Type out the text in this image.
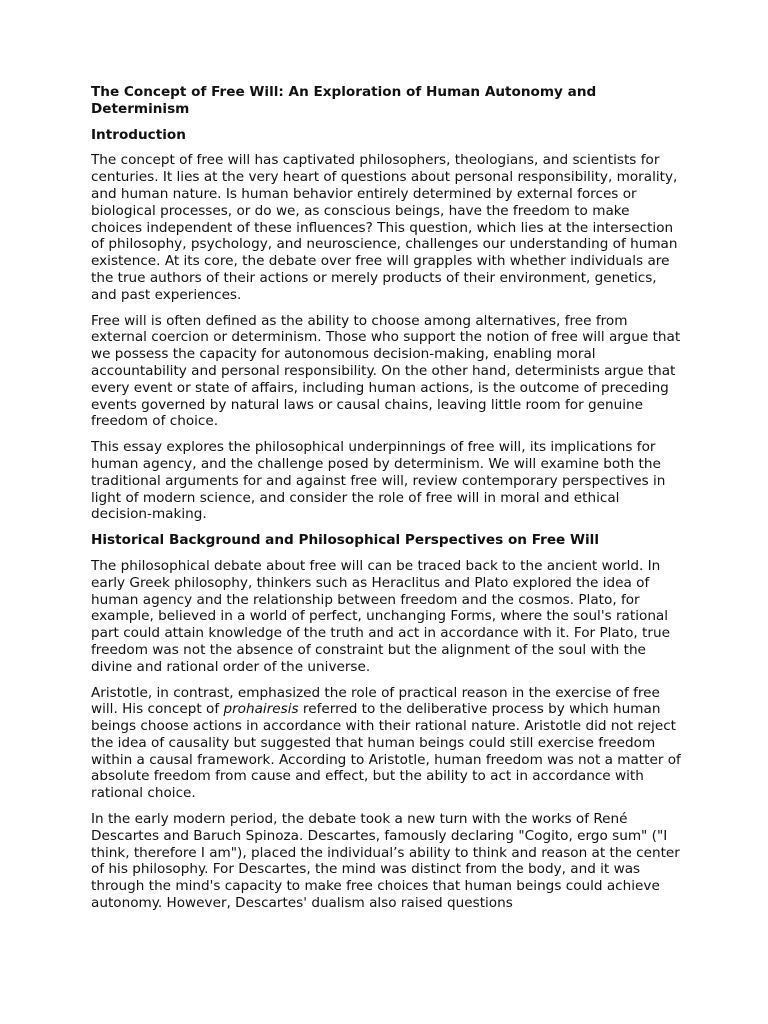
The Concept of Free Will: An Exploration of Human Autonomy and Determinism
Introduction

The concept of free will has captivated philosophers, theologians, and scientists for centuries. It lies at the very heart of questions about personal responsibility, morality, and human nature. Is human behavior entirely determined by external forces or biological processes, or do we, as conscious beings, have the freedom to make choices independent of these influences? This question, which lies at the intersection of philosophy, psychology, and neuroscience, challenges our understanding of human existence. At its core, the debate over free will grapples with whether individuals are the true authors of their actions or merely products of their environment, genetics, and past experiences.

Free will is often defined as the ability to choose among alternatives, free from external coercion or determinism. Those who support the notion of free will argue that we possess the capacity for autonomous decision-making, enabling moral accountability and personal responsibility. On the other hand, determinists argue that every event or state of affairs, including human actions, is the outcome of preceding events governed by natural laws or causal chains, leaving little room for genuine freedom of choice.

This essay explores the philosophical underpinnings of free will, its implications for human agency, and the challenge posed by determinism. We will examine both the traditional arguments for and against free will, review contemporary perspectives in light of modern science, and consider the role of free will in moral and ethical decision-making.

Historical Background and Philosophical Perspectives on Free Will

The philosophical debate about free will can be traced back to the ancient world. In early Greek philosophy, thinkers such as Heraclitus and Plato explored the idea of human agency and the relationship between freedom and the cosmos. Plato, for example, believed in a world of perfect, unchanging Forms, where the soul's rational part could attain knowledge of the truth and act in accordance with it. For Plato, true freedom was not the absence of constraint but the alignment of the soul with the divine and rational order of the universe.

Aristotle, in contrast, emphasized the role of practical reason in the exercise of free will. His concept of prohairesis referred to the deliberative process by which human beings choose actions in accordance with their rational nature. Aristotle did not reject the idea of causality but suggested that human beings could still exercise freedom within a causal framework. According to Aristotle, human freedom was not a matter of absolute freedom from cause and effect, but the ability to act in accordance with rational choice.

In the early modern period, the debate took a new turn with the works of René Descartes and Baruch Spinoza. Descartes, famously declaring "Cogito, ergo sum" ("I think, therefore I am"), placed the individual’s ability to think and reason at the center of his philosophy. For Descartes, the mind was distinct from the body, and it was through the mind's capacity to make free choices that human beings could achieve autonomy. However, Descartes' dualism also raised questions
